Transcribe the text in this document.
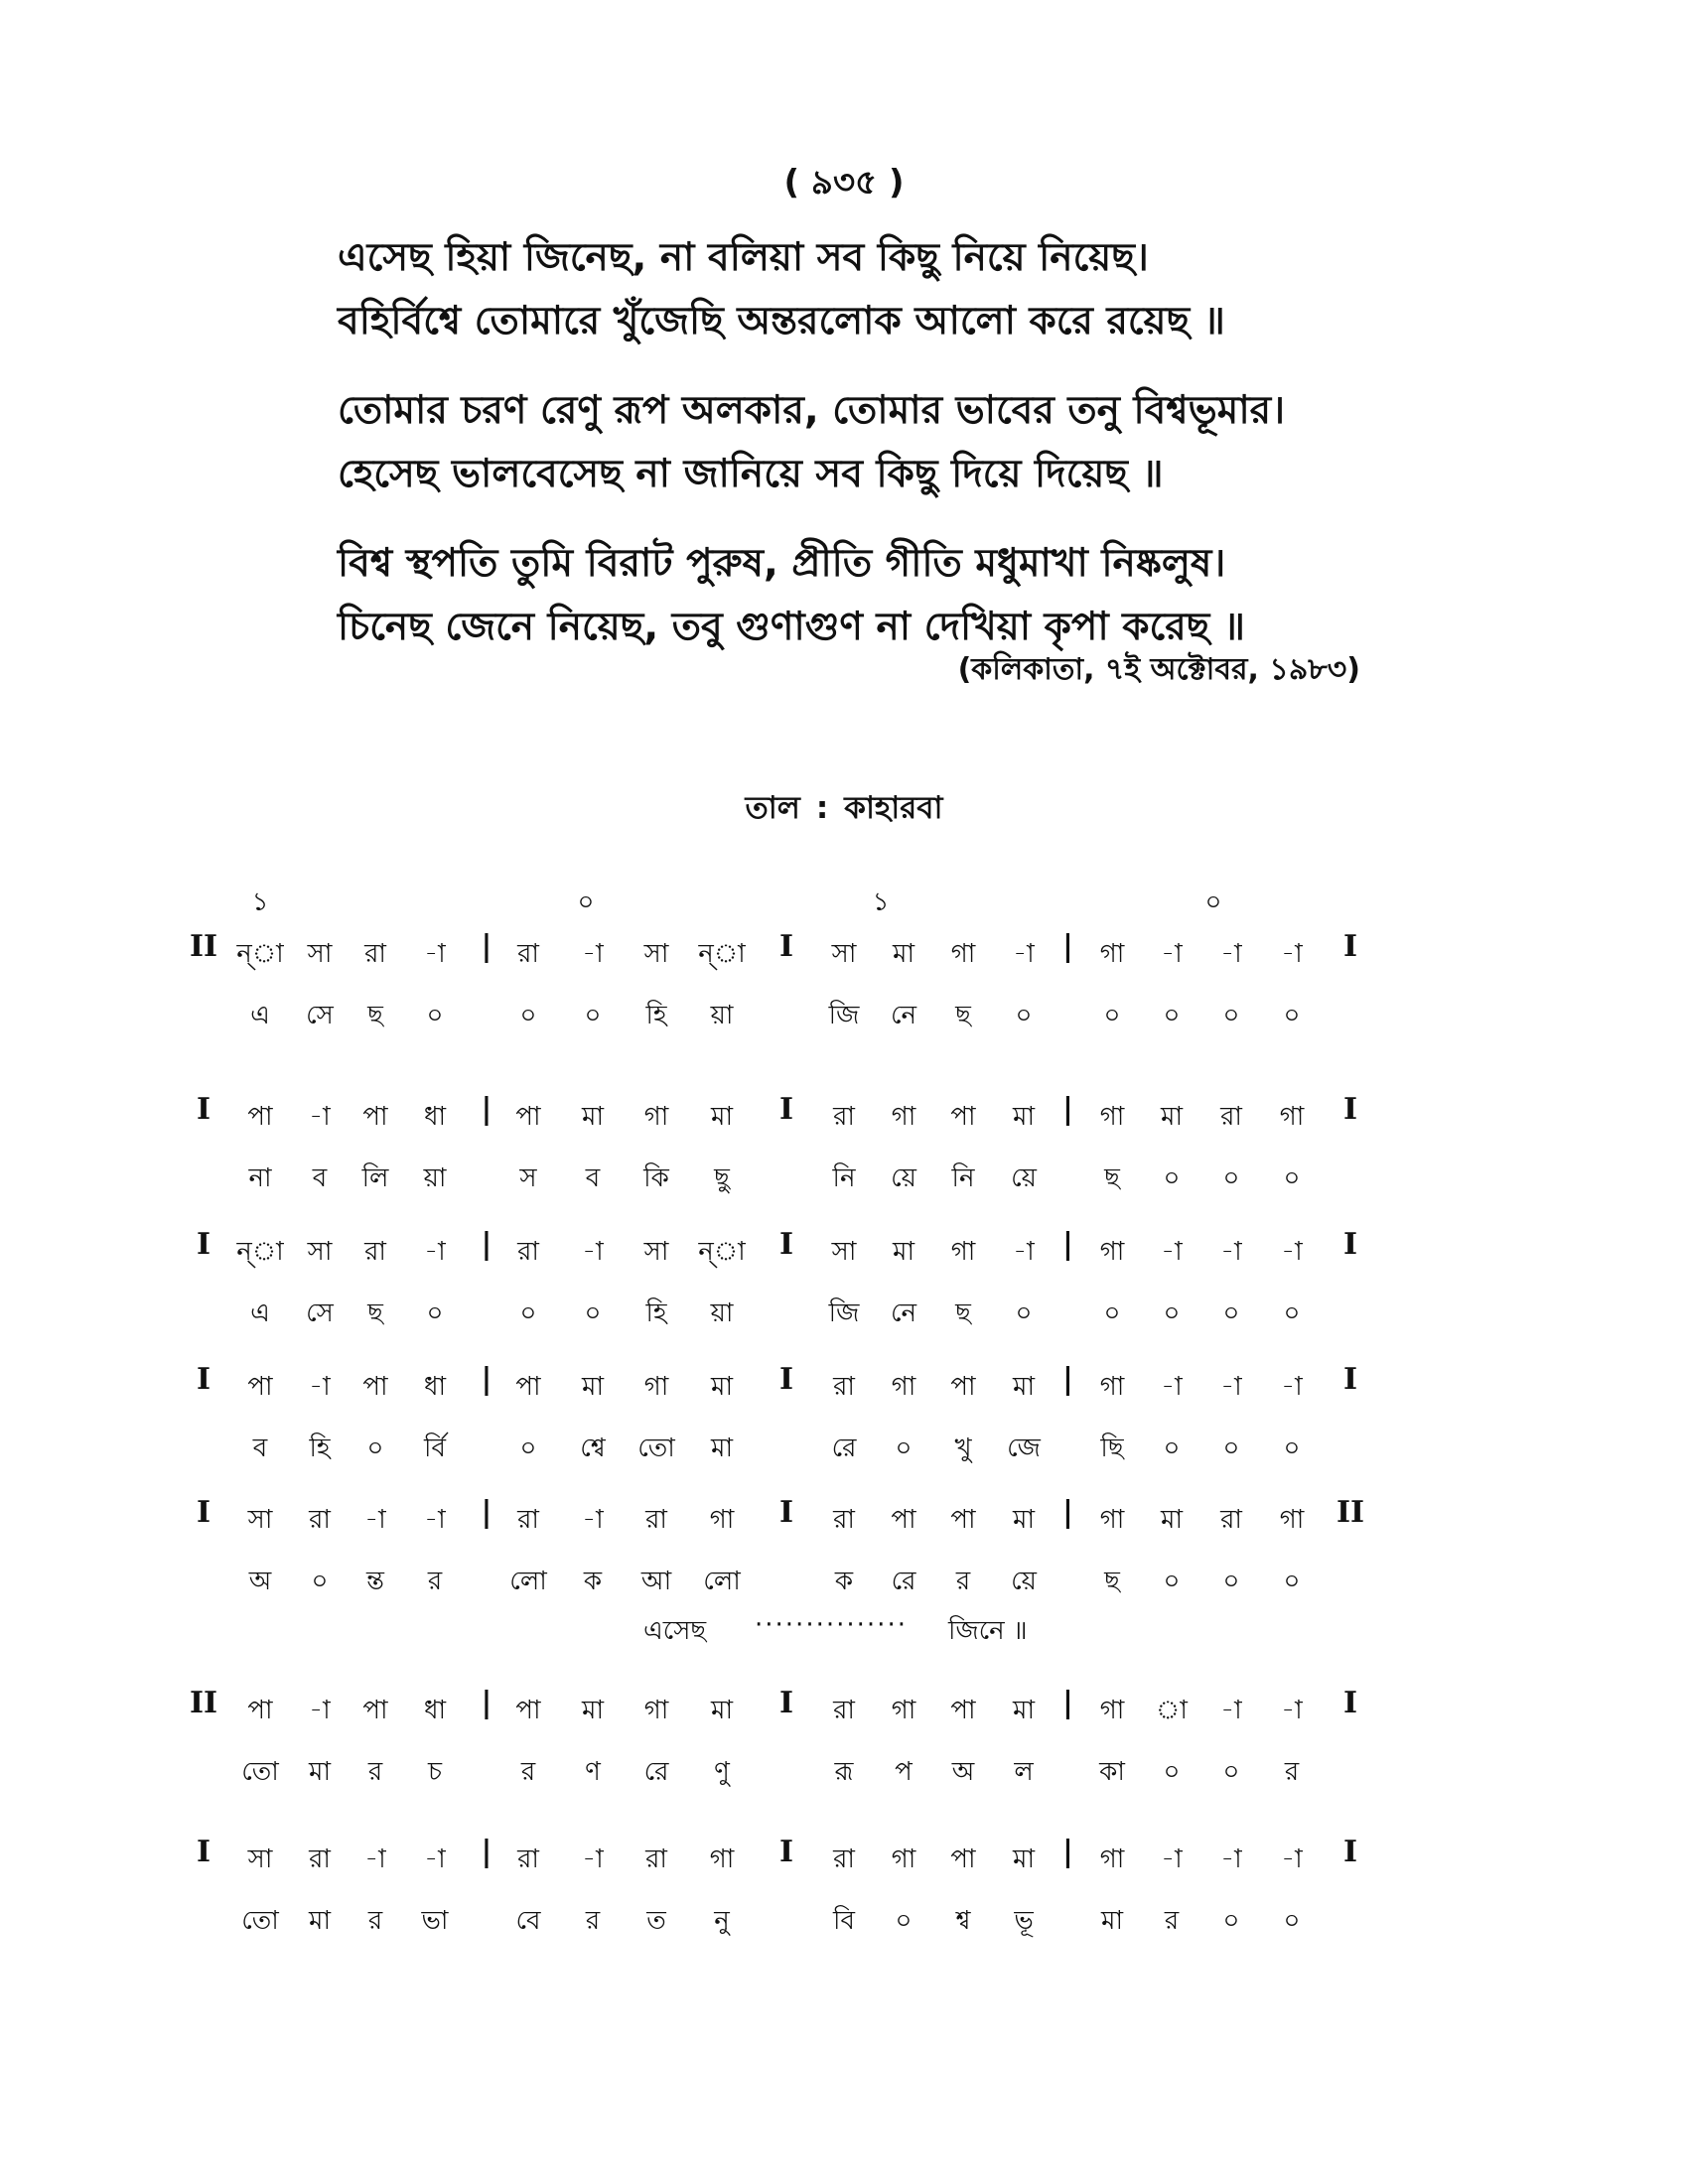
( ৯৩৫ )
এসেছ হিয়া জিনেছ, না বলিয়া সব কিছু নিয়ে নিয়েছ।
বহির্বিশ্বে তোমারে খুঁজেছি অন্তরলোক আলো করে রয়েছ ॥
তোমার চরণ রেণু রূপ অলকার, তোমার ভাবের তনু বিশ্বভূমার।
হেসেছ ভালবেসেছ না জানিয়ে সব কিছু দিয়ে দিয়েছ ॥
বিশ্ব স্থপতি তুমি বিরাট পুরুষ, প্রীতি গীতি মধুমাখা নিষ্কলুষ।
চিনেছ জেনে নিয়েছ, তবু গুণাগুণ না দেখিয়া কৃপা করেছ ॥
(কলিকাতা, ৭ই অক্টোবর, ১৯৮৩)
তাল : কাহারবা
১	০	১	০
II	|	I	|	I
ন্‌া সা রা -া	রা -া সা ন্‌া	সা মা গা -া	গা -া -া -া
এ সে ছ ০	০ ০ হি য়া	জি নে ছ ০	০ ০ ০ ০
I	|	I	|	I
পা -া পা ধা	পা মা গা মা	রা গা পা মা	গা মা রা গা
না ব লি য়া	স ব কি ছু	নি য়ে নি য়ে	ছ ০ ০ ০
I	|	I	|	I
ন্‌া সা রা -া	রা -া সা ন্‌া	সা মা গা -া	গা -া -া -া
এ সে ছ ০	০ ০ হি য়া	জি নে ছ ০	০ ০ ০ ০
I	|	I	|	I
পা -া পা ধা	পা মা গা মা	রা গা পা মা	গা -া -া -া
ব হি ০ র্বি	০ শ্বে তো মা	রে ০ খু জে ছি ০ ০ ০
I	|	I	|	II
সা রা -া -া	রা -া রা গা	রা পা পা মা	গা মা রা গা
অ ০ ন্ত র	লো ক আ লো	ক রে র য়ে	ছ ০ ০ ০
II	|	I	|	I
পা -া পা ধা	পা মা গা মা	রা গা পা মা	গা া -া -া
তো মা র চ	র ণ রে ণু	রূ প অ ল	কা ০ ০ র
I	|	I	|	I
সা রা -া -া	রা -া রা গা	রা গা পা মা	গা -া -া -া
তো মা র ভা	বে র ত নু	বি ০ শ্ব ভূ	মা র ০ ০
এসেছ ··············· জিনে ॥
